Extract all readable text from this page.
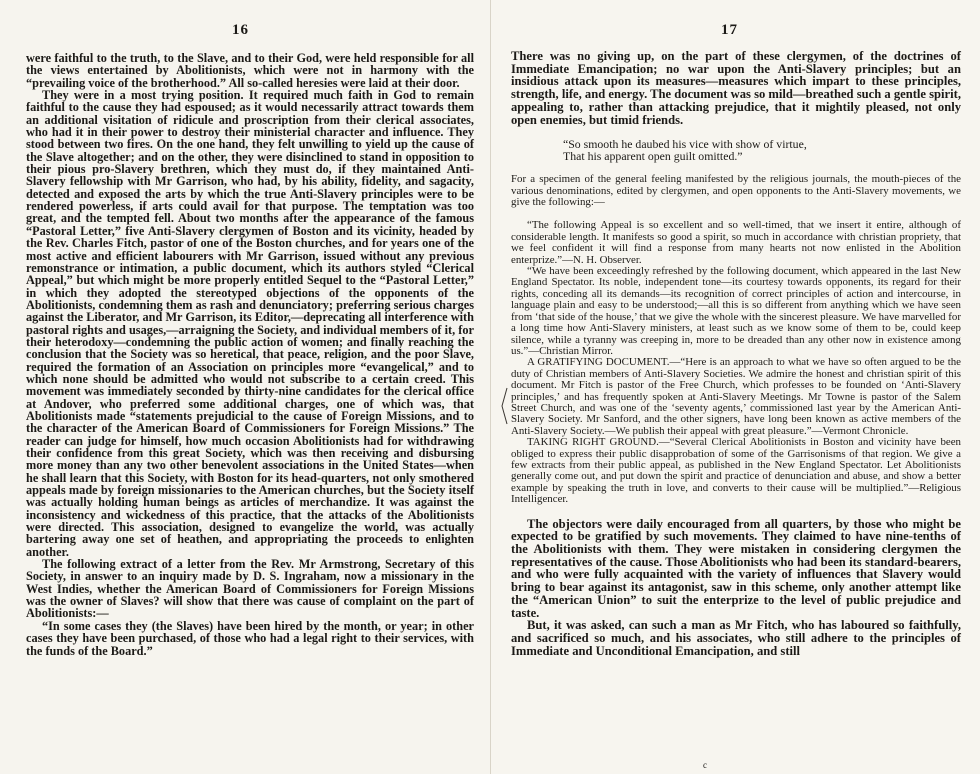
16

were faithful to the truth, to the Slave, and to their God, were held responsible for all the views entertained by Abolitionists, which were not in harmony with the “prevailing voice of the brotherhood.” All so-called heresies were laid at their door.

They were in a most trying position. It required much faith in God to remain faithful to the cause they had espoused; as it would necessarily attract towards them an additional visitation of ridicule and proscription from their clerical associates, who had it in their power to destroy their ministerial character and influence. They stood between two fires. On the one hand, they felt unwilling to yield up the cause of the Slave altogether; and on the other, they were disinclined to stand in opposition to their pious pro-Slavery brethren, which they must do, if they maintained Anti-Slavery fellowship with Mr Garrison, who had, by his ability, fidelity, and sagacity, detected and exposed the arts by which the true Anti-Slavery principles were to be rendered powerless, if arts could avail for that purpose. The temptation was too great, and the tempted fell. About two months after the appearance of the famous “Pastoral Letter,” five Anti-Slavery clergymen of Boston and its vicinity, headed by the Rev. Charles Fitch, pastor of one of the Boston churches, and for years one of the most active and efficient labourers with Mr Garrison, issued without any previous remonstrance or intimation, a public document, which its authors styled “Clerical Appeal,” but which might be more properly entitled Sequel to the “Pastoral Letter,” in which they adopted the stereotyped objections of the opponents of the Abolitionists, condemning them as rash and denunciatory; preferring serious charges against the Liberator, and Mr Garrison, its Editor,—deprecating all interference with pastoral rights and usages,—arraigning the Society, and individual members of it, for their heterodoxy—condemning the public action of women; and finally reaching the conclusion that the Society was so heretical, that peace, religion, and the poor Slave, required the formation of an Association on principles more “evangelical,” and to which none should be admitted who would not subscribe to a certain creed. This movement was immediately seconded by thirty-nine candidates for the clerical office at Andover, who preferred some additional charges, one of which was, that Abolitionists made “statements prejudicial to the cause of Foreign Missions, and to the character of the American Board of Commissioners for Foreign Missions.” The reader can judge for himself, how much occasion Abolitionists had for withdrawing their confidence from this great Society, which was then receiving and disbursing more money than any two other benevolent associations in the United States—when he shall learn that this Society, with Boston for its head-quarters, not only smothered appeals made by foreign missionaries to the American churches, but the Society itself was actually holding human beings as articles of merchandize. It was against the inconsistency and wickedness of this practice, that the attacks of the Abolitionists were directed. This association, designed to evangelize the world, was actually bartering away one set of heathen, and appropriating the proceeds to enlighten another.

The following extract of a letter from the Rev. Mr Armstrong, Secretary of this Society, in answer to an inquiry made by D. S. Ingraham, now a missionary in the West Indies, whether the American Board of Commissioners for Foreign Missions was the owner of Slaves? will show that there was cause of complaint on the part of Abolitionists:—

“In some cases they (the Slaves) have been hired by the month, or year; in other cases they have been purchased, of those who had a legal right to their services, with the funds of the Board.”

17

There was no giving up, on the part of these clergymen, of the doctrines of Immediate Emancipation; no war upon the Anti-Slavery principles; but an insidious attack upon its measures—measures which impart to these principles, strength, life, and energy. The document was so mild—breathed such a gentle spirit, appealing to, rather than attacking prejudice, that it mightily pleased, not only open enemies, but timid friends.

“So smooth he daubed his vice with show of virtue,

That his apparent open guilt omitted.”

For a specimen of the general feeling manifested by the religious journals, the mouth-pieces of the various denominations, edited by clergymen, and open opponents to the Anti-Slavery movements, we give the following:—

“The following Appeal is so excellent and so well-timed, that we insert it entire, although of considerable length. It manifests so good a spirit, so much in accordance with christian propriety, that we feel confident it will find a response from many hearts not now enlisted in the Abolition enterprize.”—N. H. Observer.

“We have been exceedingly refreshed by the following document, which appeared in the last New England Spectator. Its noble, independent tone—its courtesy towards opponents, its regard for their rights, conceding all its demands—its recognition of correct principles of action and intercourse, in language plain and easy to be understood;—all this is so different from anything which we have seen from ‘that side of the house,’ that we give the whole with the sincerest pleasure. We have marvelled for a long time how Anti-Slavery ministers, at least such as we know some of them to be, could keep silence, while a tyranny was creeping in, more to be dreaded than any other now in existence among us.”—Christian Mirror.

A GRATIFYING DOCUMENT.—“Here is an approach to what we have so often argued to be the duty of Christian members of Anti-Slavery Societies. We admire the honest and christian spirit of this document. Mr Fitch is pastor of the Free Church, which professes to be founded on ‘Anti-Slavery principles,’ and has frequently spoken at Anti-Slavery Meetings. Mr Towne is pastor of the Salem Street Church, and was one of the ‘seventy agents,’ commissioned last year by the American Anti-Slavery Society. Mr Sanford, and the other signers, have long been known as active members of the Anti-Slavery Society.—We publish their appeal with great pleasure.”—Vermont Chronicle.

TAKING RIGHT GROUND.—“Several Clerical Abolitionists in Boston and vicinity have been obliged to express their public disapprobation of some of the Garrisonisms of that region. We give a few extracts from their public appeal, as published in the New England Spectator. Let Abolitionists generally come out, and put down the spirit and practice of denunciation and abuse, and show a better example by speaking the truth in love, and converts to their cause will be multiplied.”—Religious Intelligencer.

The objectors were daily encouraged from all quarters, by those who might be expected to be gratified by such movements. They claimed to have nine-tenths of the Abolitionists with them. They were mistaken in considering clergymen the representatives of the cause. Those Abolitionists who had been its standard-bearers, and who were fully acquainted with the variety of influences that Slavery would bring to bear against its antagonist, saw in this scheme, only another attempt like the “American Union” to suit the enterprize to the level of public prejudice and taste.

But, it was asked, can such a man as Mr Fitch, who has laboured so faithfully, and sacrificed so much, and his associates, who still adhere to the principles of Immediate and Unconditional Emancipation, and still

c
